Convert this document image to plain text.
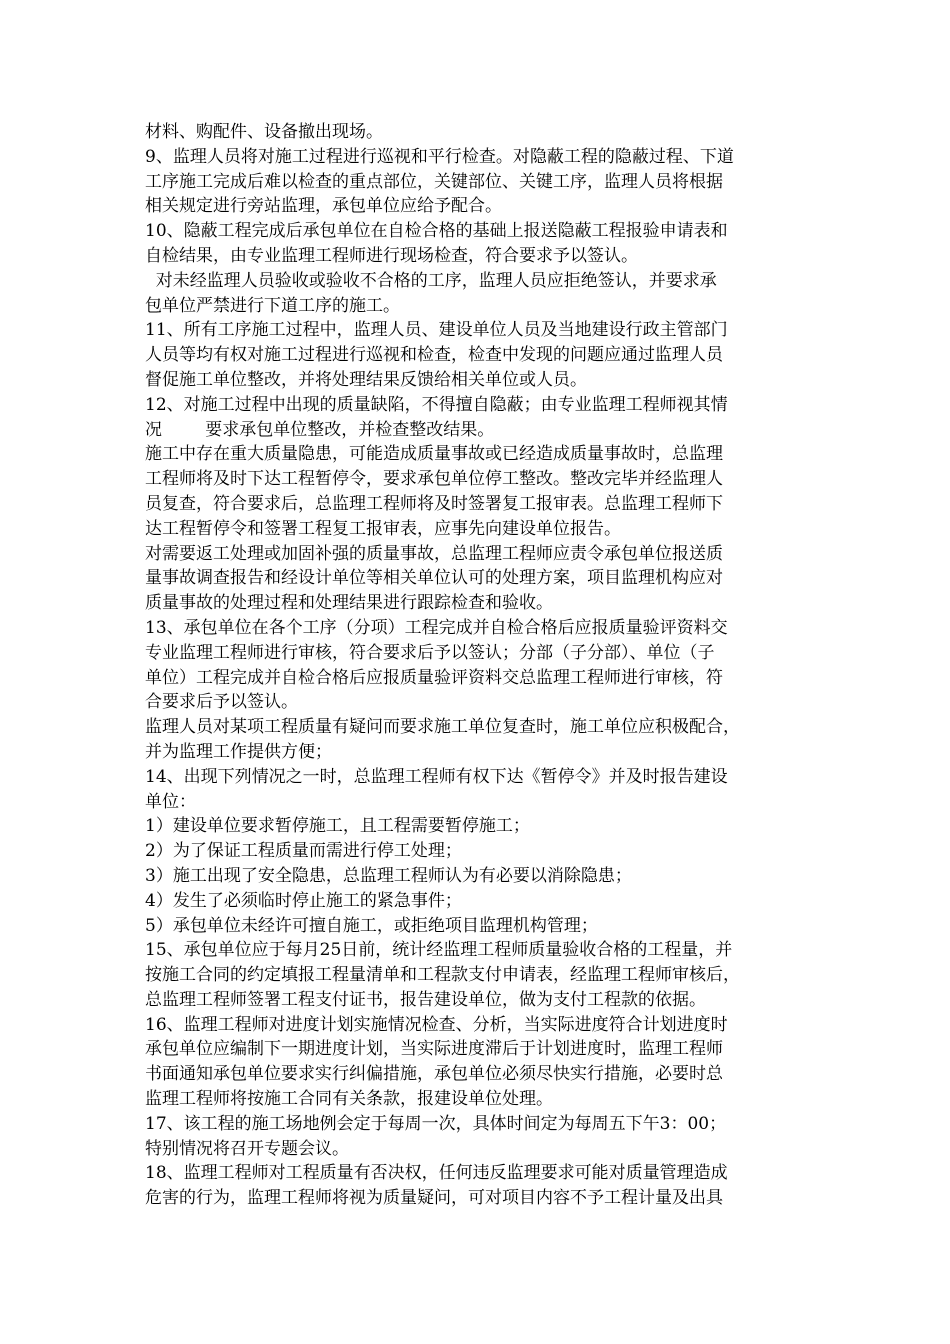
材料、购配件、设备撤出现场。
9、监理人员将对施工过程进行巡视和平行检查。对隐蔽工程的隐蔽过程、下道
工序施工完成后难以检查的重点部位，关键部位、关键工序，监理人员将根据
相关规定进行旁站监理，承包单位应给予配合。
10、隐蔽工程完成后承包单位在自检合格的基础上报送隐蔽工程报验申请表和
自检结果，由专业监理工程师进行现场检查，符合要求予以签认。
对未经监理人员验收或验收不合格的工序，监理人员应拒绝签认，并要求承
包单位严禁进行下道工序的施工。
11、所有工序施工过程中，监理人员、建设单位人员及当地建设行政主管部门
人员等均有权对施工过程进行巡视和检查，检查中发现的问题应通过监理人员
督促施工单位整改，并将处理结果反馈给相关单位或人员。
12、对施工过程中出现的质量缺陷，不得擅自隐蔽；由专业监理工程师视其情
况        要求承包单位整改，并检查整改结果。
施工中存在重大质量隐患，可能造成质量事故或已经造成质量事故时，总监理
工程师将及时下达工程暂停令，要求承包单位停工整改。整改完毕并经监理人
员复查，符合要求后，总监理工程师将及时签署复工报审表。总监理工程师下
达工程暂停令和签署工程复工报审表，应事先向建设单位报告。
对需要返工处理或加固补强的质量事故，总监理工程师应责令承包单位报送质
量事故调查报告和经设计单位等相关单位认可的处理方案，项目监理机构应对
质量事故的处理过程和处理结果进行跟踪检查和验收。
13、承包单位在各个工序（分项）工程完成并自检合格后应报质量验评资料交
专业监理工程师进行审核，符合要求后予以签认；分部（子分部）、单位（子
单位）工程完成并自检合格后应报质量验评资料交总监理工程师进行审核，符
合要求后予以签认。
监理人员对某项工程质量有疑问而要求施工单位复查时，施工单位应积极配合，
并为监理工作提供方便；
14、出现下列情况之一时，总监理工程师有权下达《暂停令》并及时报告建设
单位：
1）建设单位要求暂停施工，且工程需要暂停施工；
2）为了保证工程质量而需进行停工处理；
3）施工出现了安全隐患，总监理工程师认为有必要以消除隐患；
4）发生了必须临时停止施工的紧急事件；
5）承包单位未经许可擅自施工，或拒绝项目监理机构管理；
15、承包单位应于每月25日前，统计经监理工程师质量验收合格的工程量，并
按施工合同的约定填报工程量清单和工程款支付申请表，经监理工程师审核后，
总监理工程师签署工程支付证书，报告建设单位，做为支付工程款的依据。
16、监理工程师对进度计划实施情况检查、分析，当实际进度符合计划进度时
承包单位应编制下一期进度计划，当实际进度滞后于计划进度时，监理工程师
书面通知承包单位要求实行纠偏措施，承包单位必须尽快实行措施，必要时总
监理工程师将按施工合同有关条款，报建设单位处理。
17、该工程的施工场地例会定于每周一次，具体时间定为每周五下午3：00；
特别情况将召开专题会议。
18、监理工程师对工程质量有否决权，任何违反监理要求可能对质量管理造成
危害的行为，监理工程师将视为质量疑问，可对项目内容不予工程计量及出具
